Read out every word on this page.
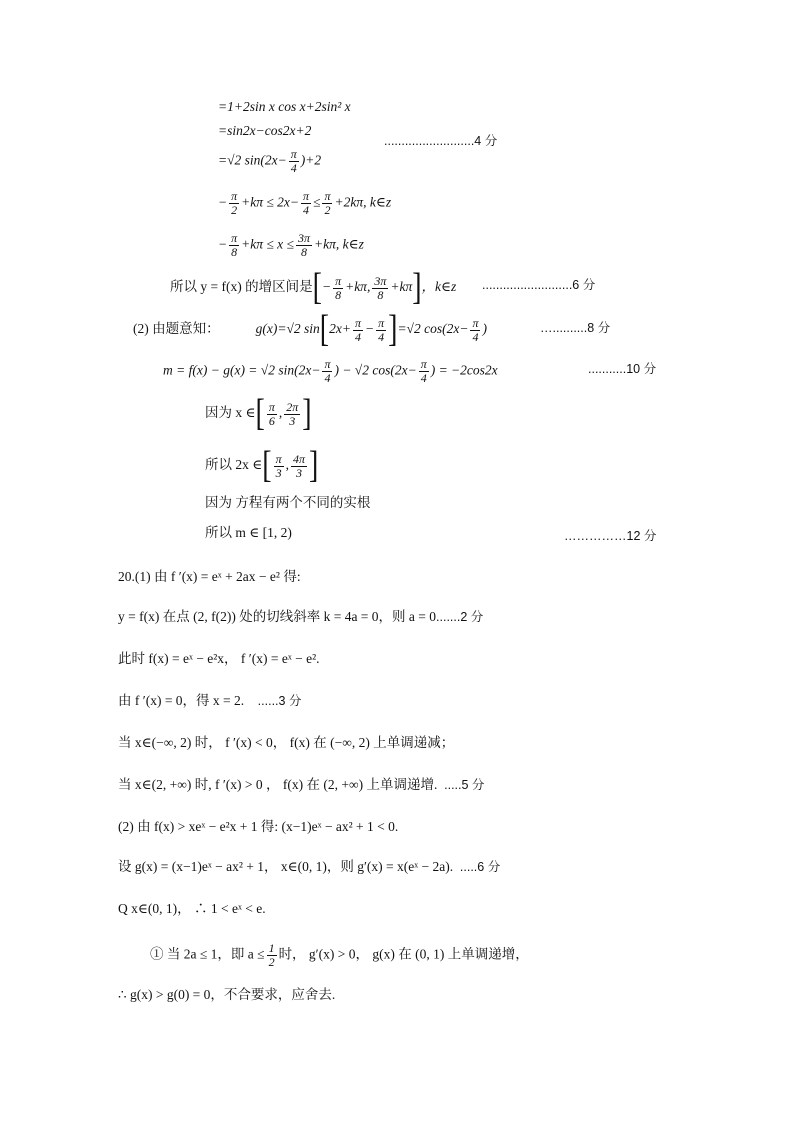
=1+2sin x cos x+2sin² x
=sin2x−cos2x+2
..........................4 分
=√2 $\sin(2x- \frac{\pi}{4} )+2$
− $\frac{\pi}{2} +k\pi \le 2x- \frac{\pi}{4} \le \frac{\pi}{2} +2k\pi$, k∈z
− $\frac{\pi}{8} +k\pi \le x \le \frac{3\pi}{8} +k\pi$, k∈z
所以 y = f(x) 的增区间是[− $\frac{\pi}{8} +k\pi$, $\frac{3\pi}{8} +k\pi$]，k∈z ..........................6 分
(2) 由题意知：	g(x)=√2 $\sin[2x+ \frac{\pi}{4} - \frac{\pi}{4} ]=√2$ $\cos(2x- \frac{\pi}{4}$ )	…..........8 分
m = f(x) − g(x) = √2 $\sin(2x- \frac{\pi}{4}$ ) − √2 $\cos(2x- \frac{\pi}{4}$ ) = −2cos2x	...........10 分
因为 x ∈[ $\frac{\pi}{6}$ , $\frac{2\pi}{3}$ ]
所以 2x ∈[ $\frac{\pi}{3}$ , $\frac{4\pi}{3}$ ]
因为 方程有两个不同的实根
所以 m ∈ [1, 2)	……………12 分
20.(1) 由 f ′(x) = eˣ + 2ax − e² 得:
y = f(x) 在点 (2, f(2)) 处的切线斜率 k = 4a = 0，则 a = 0.......2 分
此时 f(x) = eˣ − e²x， f ′(x) = eˣ − e².
由 f ′(x) = 0，得 x = 2. ......3 分
当 x∈(−∞, 2) 时， f ′(x) < 0， f(x) 在 (−∞, 2) 上单调递减；
当 x∈(2, +∞) 时, f ′(x) > 0 ， f(x) 在 (2, +∞) 上单调递增. .....5 分
(2) 由 f(x) > xeˣ − e²x + 1 得: (x−1)eˣ − ax² + 1 < 0.
设 g(x) = (x−1)eˣ − ax² + 1， x∈(0, 1)，则 g′(x) = x(eˣ − 2a). .....6 分
Q x∈(0, 1)， ∴ 1 < eˣ < e.
① 当 2a ≤ 1，即 $a \le \frac{1}{2}$ 时， g′(x) > 0， g(x) 在 (0, 1) 上单调递增，
∴ g(x) > g(0) = 0，不合要求，应舍去.
